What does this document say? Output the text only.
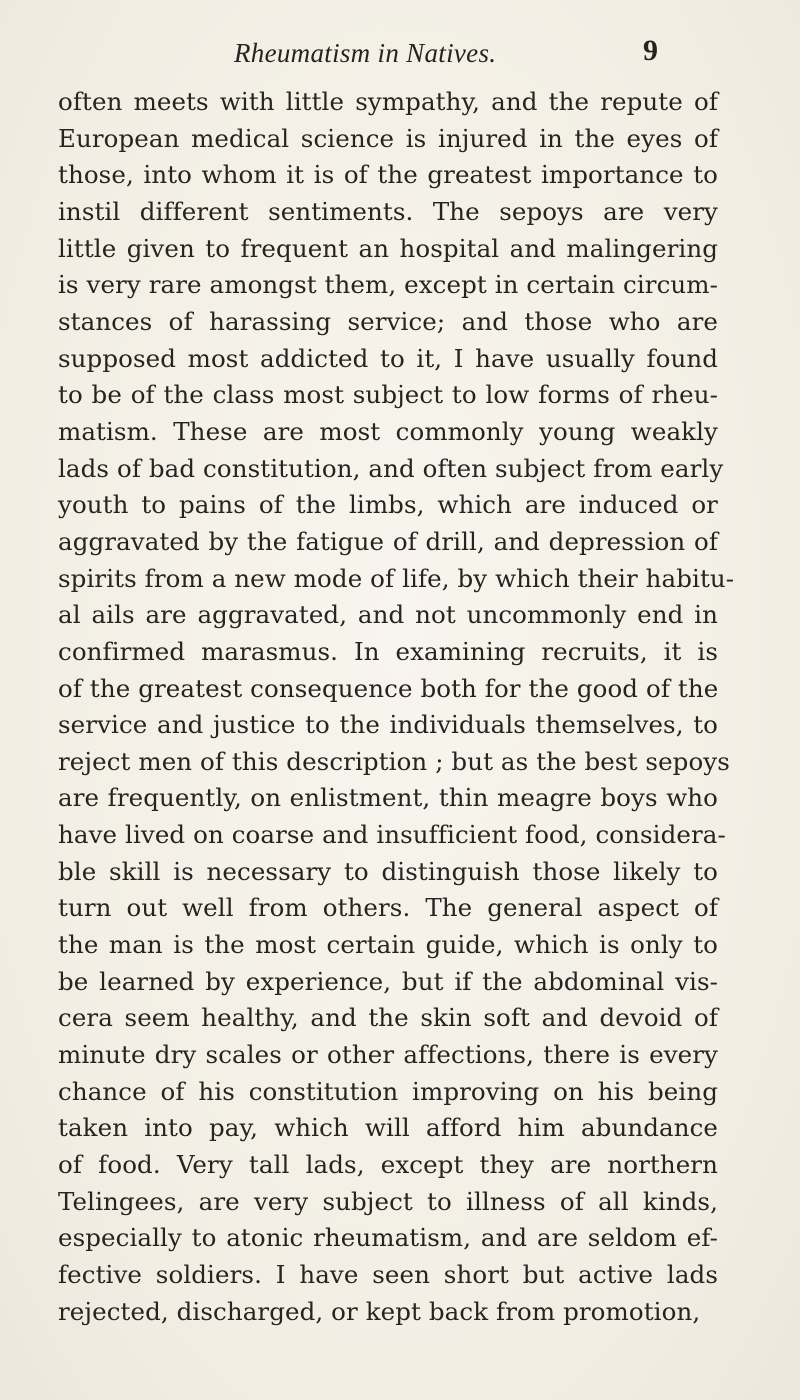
Rheumatism in Natives.	9
often meets with little sympathy, and the repute of
European medical science is injured in the eyes of
those, into whom it is of the greatest importance to
instil different sentiments. The sepoys are very
little given to frequent an hospital and malingering
is very rare amongst them, except in certain circum-
stances of harassing service; and those who are
supposed most addicted to it, I have usually found
to be of the class most subject to low forms of rheu-
matism. These are most commonly young weakly
lads of bad constitution, and often subject from early
youth to pains of the limbs, which are induced or
aggravated by the fatigue of drill, and depression of
spirits from a new mode of life, by which their habitu-
al ails are aggravated, and not uncommonly end in
confirmed marasmus. In examining recruits, it is
of the greatest consequence both for the good of the
service and justice to the individuals themselves, to
reject men of this description ; but as the best sepoys
are frequently, on enlistment, thin meagre boys who
have lived on coarse and insufficient food, considera-
ble skill is necessary to distinguish those likely to
turn out well from others. The general aspect of
the man is the most certain guide, which is only to
be learned by experience, but if the abdominal vis-
cera seem healthy, and the skin soft and devoid of
minute dry scales or other affections, there is every
chance of his constitution improving on his being
taken into pay, which will afford him abundance
of food. Very tall lads, except they are northern
Telingees, are very subject to illness of all kinds,
especially to atonic rheumatism, and are seldom ef-
fective soldiers. I have seen short but active lads
rejected, discharged, or kept back from promotion,
